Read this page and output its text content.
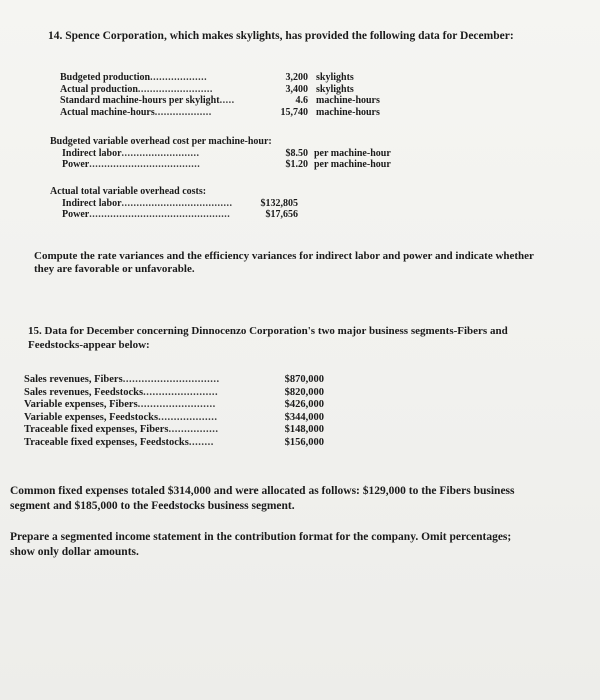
14. Spence Corporation, which makes skylights, has provided the following data for December:
Budgeted production...................	3,200 skylights
Actual production.........................	3,400 skylights
Standard machine-hours per skylight.....	4.6 machine-hours
Actual machine-hours...................	15,740 machine-hours
Budgeted variable overhead cost per machine-hour:
Indirect labor..........................	$8.50 per machine-hour
Power.....................................	$1.20 per machine-hour
Actual total variable overhead costs:
Indirect labor.....................................	$132,805
Power...............................................	$17,656
Compute the rate variances and the efficiency variances for indirect labor and power and indicate whether they are favorable or unfavorable.
15. Data for December concerning Dinnocenzo Corporation's two major business segments-Fibers and Feedstocks-appear below:
Sales revenues, Fibers...............................	$870,000
Sales revenues, Feedstocks........................	$820,000
Variable expenses, Fibers.........................	$426,000
Variable expenses, Feedstocks...................	$344,000
Traceable fixed expenses, Fibers................	$148,000
Traceable fixed expenses, Feedstocks........	$156,000
Common fixed expenses totaled $314,000 and were allocated as follows: $129,000 to the Fibers business segment and $185,000 to the Feedstocks business segment.
Prepare a segmented income statement in the contribution format for the company. Omit percentages; show only dollar amounts.
